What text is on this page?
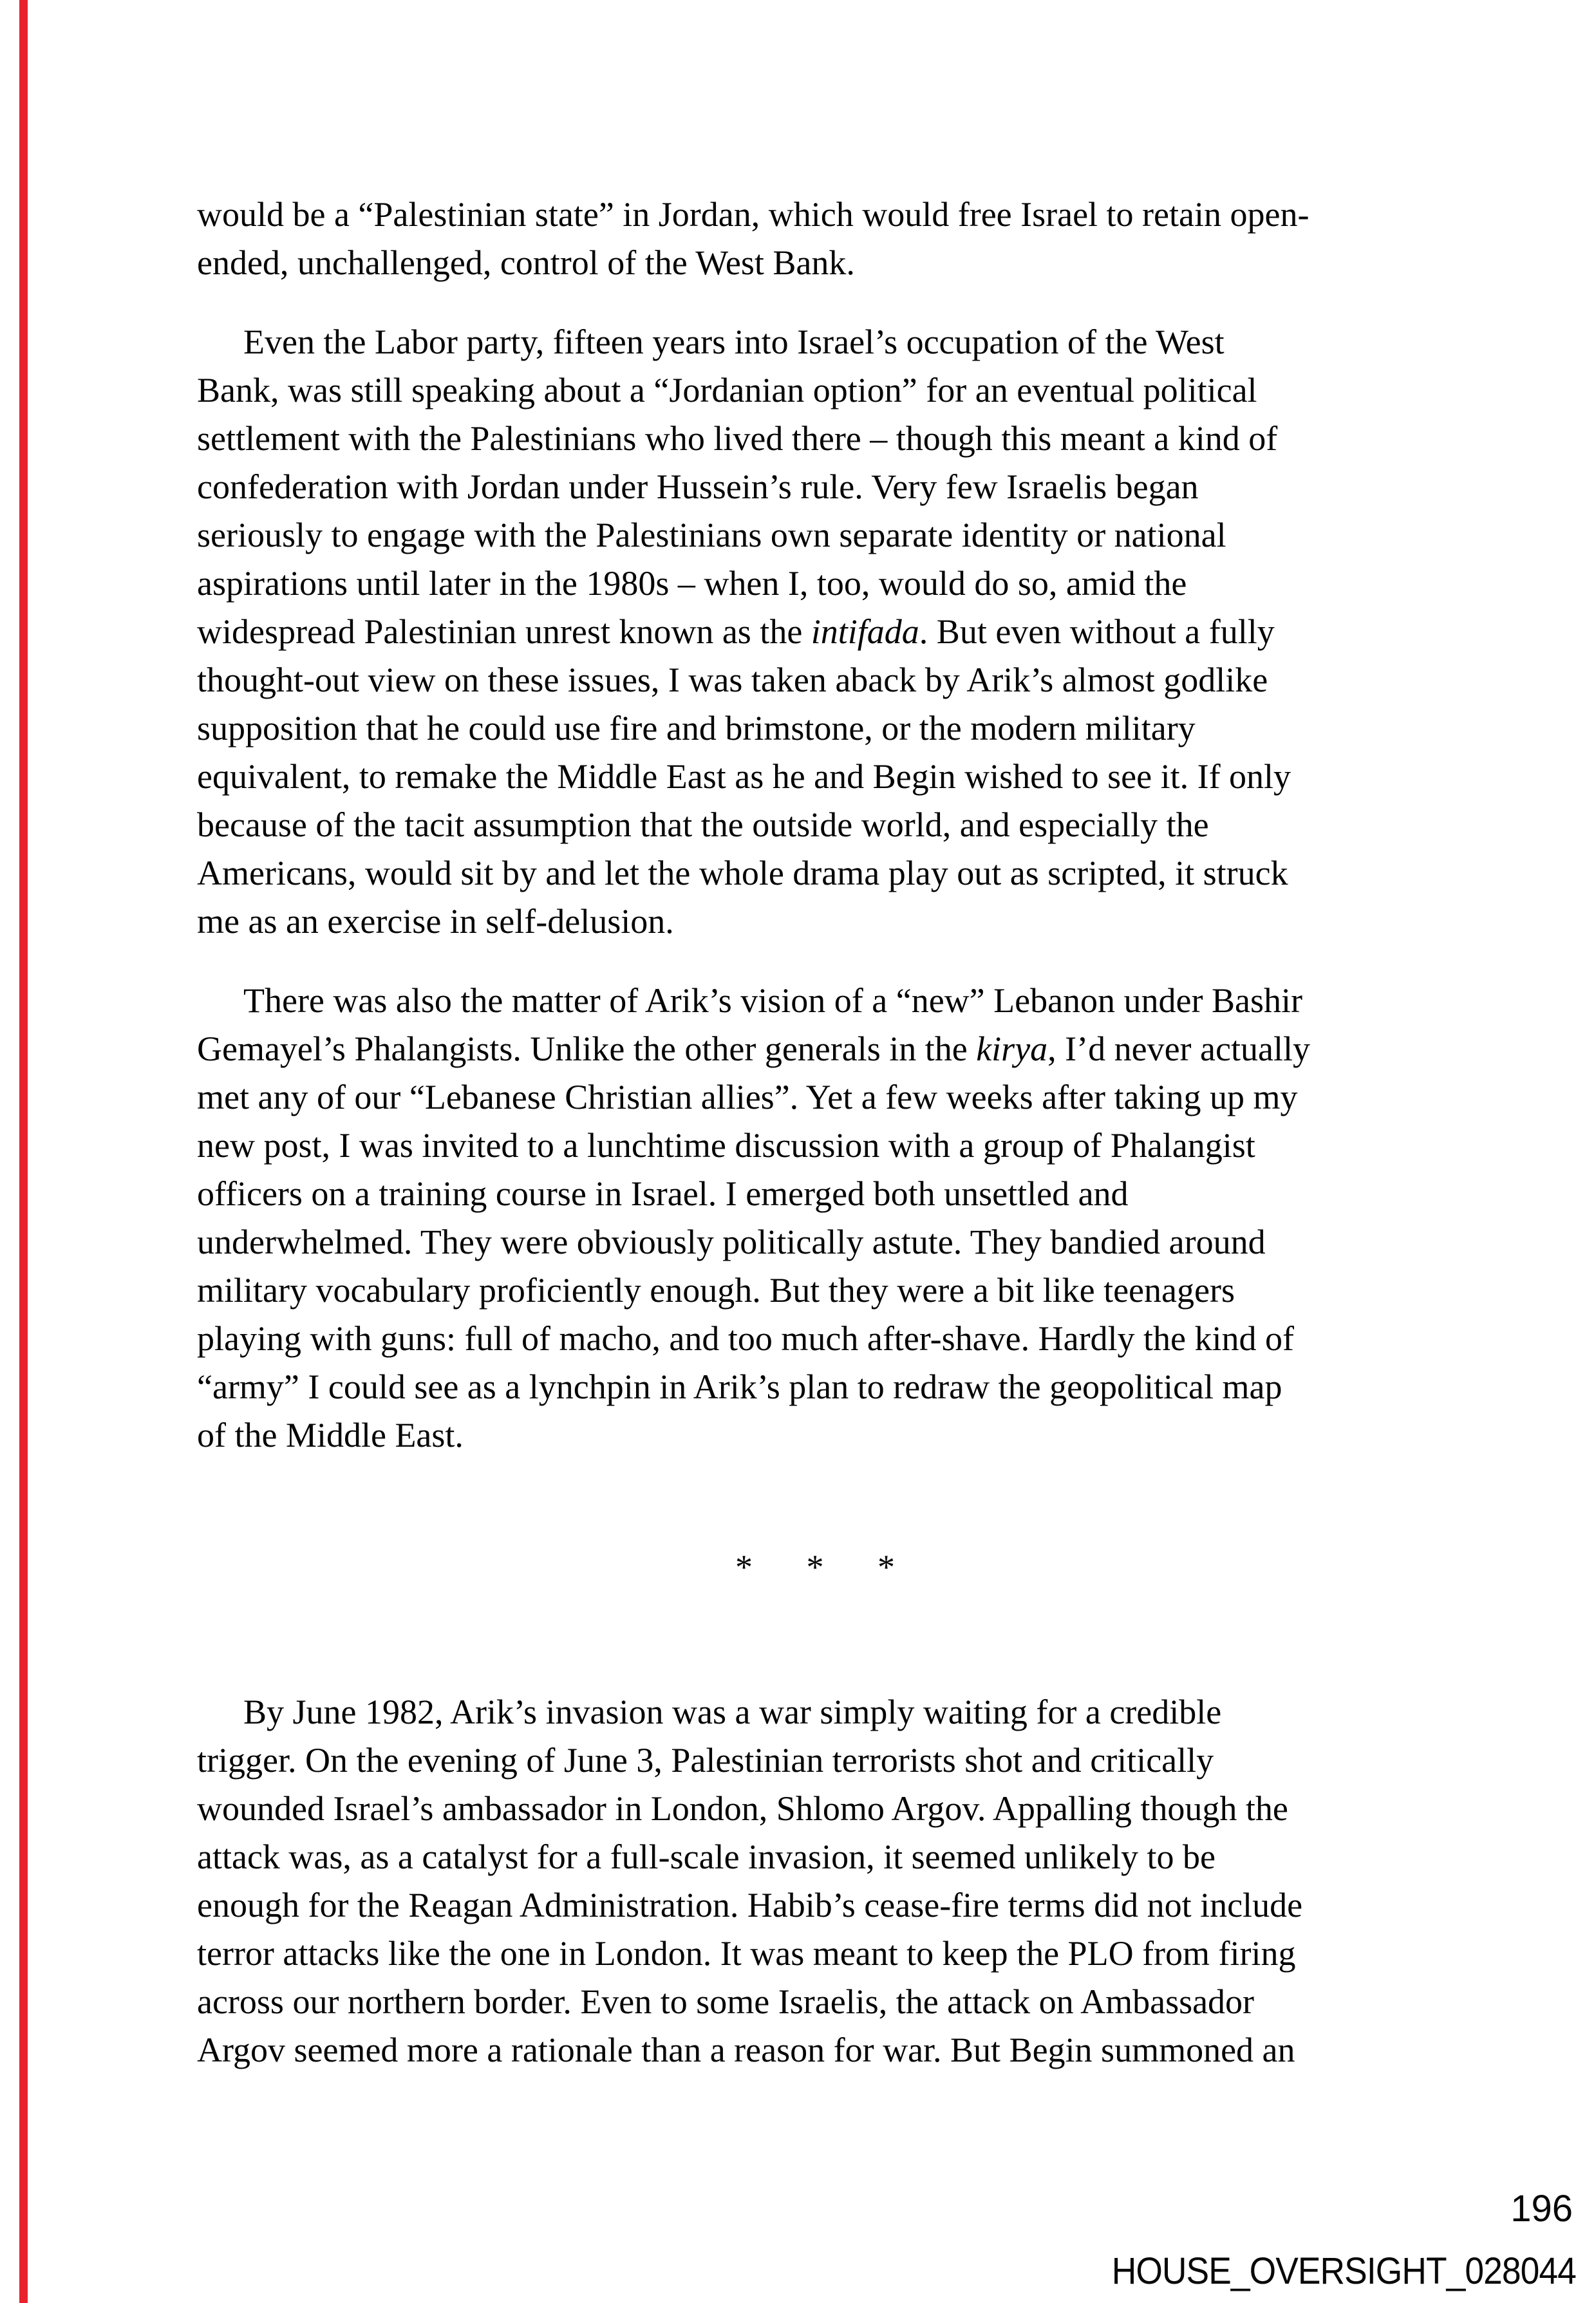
would be a “Palestinian state” in Jordan, which would free Israel to retain open-
ended, unchallenged, control of the West Bank.

Even the Labor party, fifteen years into Israel’s occupation of the West
Bank, was still speaking about a “Jordanian option” for an eventual political
settlement with the Palestinians who lived there – though this meant a kind of
confederation with Jordan under Hussein’s rule. Very few Israelis began
seriously to engage with the Palestinians own separate identity or national
aspirations until later in the 1980s – when I, too, would do so, amid the
widespread Palestinian unrest known as the intifada. But even without a fully
thought-out view on these issues, I was taken aback by Arik’s almost godlike
supposition that he could use fire and brimstone, or the modern military
equivalent, to remake the Middle East as he and Begin wished to see it. If only
because of the tacit assumption that the outside world, and especially the
Americans, would sit by and let the whole drama play out as scripted, it struck
me as an exercise in self-delusion.

There was also the matter of Arik’s vision of a “new” Lebanon under Bashir
Gemayel’s Phalangists. Unlike the other generals in the kirya, I’d never actually
met any of our “Lebanese Christian allies”. Yet a few weeks after taking up my
new post, I was invited to a lunchtime discussion with a group of Phalangist
officers on a training course in Israel. I emerged both unsettled and
underwhelmed. They were obviously politically astute. They bandied around
military vocabulary proficiently enough. But they were a bit like teenagers
playing with guns: full of macho, and too much after-shave. Hardly the kind of
“army” I could see as a lynchpin in Arik’s plan to redraw the geopolitical map
of the Middle East.

* * *

By June 1982, Arik’s invasion was a war simply waiting for a credible
trigger. On the evening of June 3, Palestinian terrorists shot and critically
wounded Israel’s ambassador in London, Shlomo Argov. Appalling though the
attack was, as a catalyst for a full-scale invasion, it seemed unlikely to be
enough for the Reagan Administration. Habib’s cease-fire terms did not include
terror attacks like the one in London. It was meant to keep the PLO from firing
across our northern border. Even to some Israelis, the attack on Ambassador
Argov seemed more a rationale than a reason for war. But Begin summoned an

196
HOUSE_OVERSIGHT_028044
